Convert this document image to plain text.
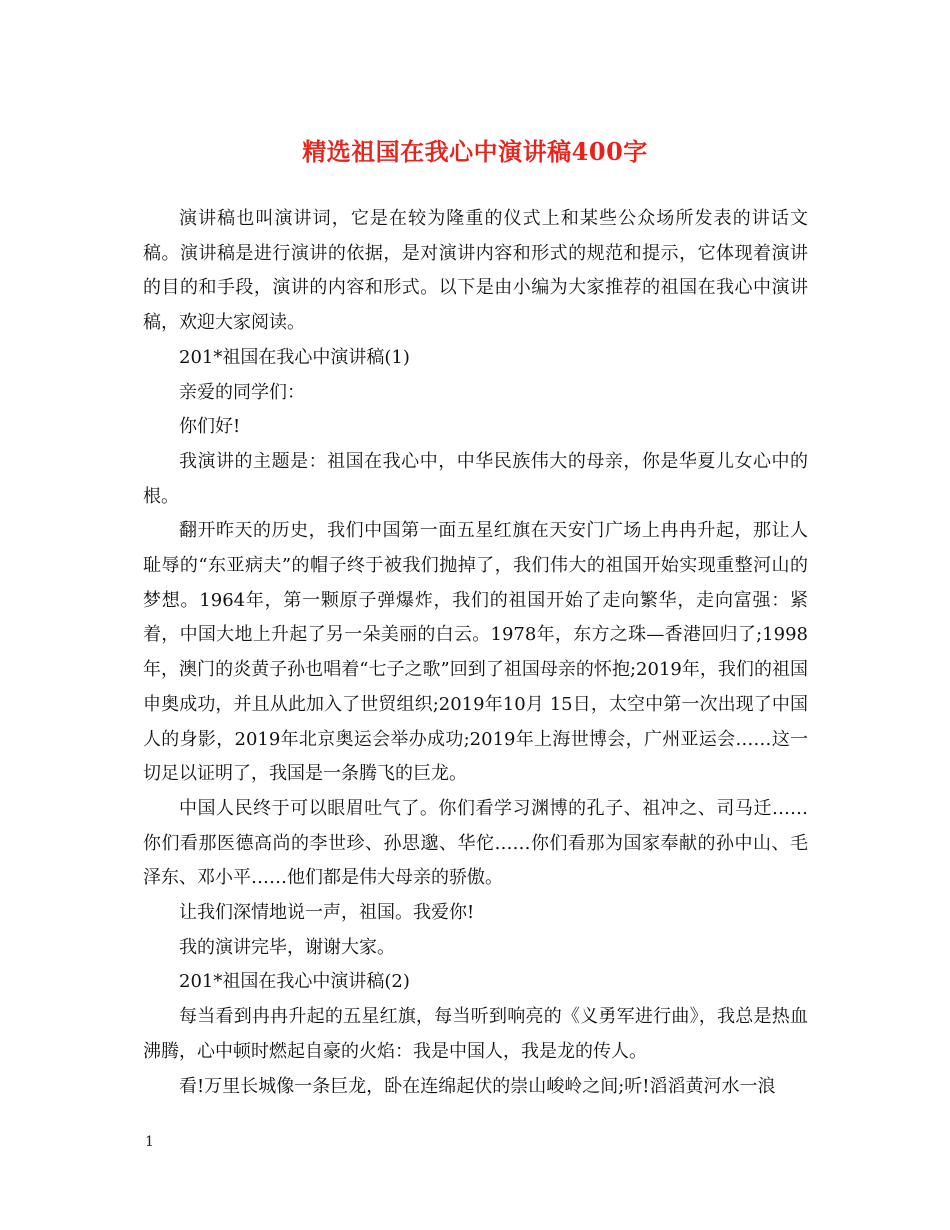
精选祖国在我心中演讲稿400字

演讲稿也叫演讲词，它是在较为隆重的仪式上和某些公众场所发表的讲话文稿。演讲稿是进行演讲的依据，是对演讲内容和形式的规范和提示，它体现着演讲的目的和手段，演讲的内容和形式。以下是由小编为大家推荐的祖国在我心中演讲稿，欢迎大家阅读。

201*祖国在我心中演讲稿(1)

亲爱的同学们：

你们好!

我演讲的主题是：祖国在我心中，中华民族伟大的母亲，你是华夏儿女心中的根。

翻开昨天的历史，我们中国第一面五星红旗在天安门广场上冉冉升起，那让人耻辱的“东亚病夫”的帽子终于被我们抛掉了，我们伟大的祖国开始实现重整河山的梦想。1964年，第一颗原子弹爆炸，我们的祖国开始了走向繁华，走向富强：紧着，中国大地上升起了另一朵美丽的白云。1978年，东方之珠—香港回归了;1998年，澳门的炎黄子孙也唱着“七子之歌”回到了祖国母亲的怀抱;2019年，我们的祖国申奥成功，并且从此加入了世贸组织;2019年10月 15日，太空中第一次出现了中国人的身影，2019年北京奥运会举办成功;2019年上海世博会，广州亚运会……这一切足以证明了，我国是一条腾飞的巨龙。

中国人民终于可以眼眉吐气了。你们看学习渊博的孔子、祖冲之、司马迁……你们看那医德高尚的李世珍、孙思邈、华佗……你们看那为国家奉献的孙中山、毛泽东、邓小平……他们都是伟大母亲的骄傲。

让我们深情地说一声，祖国。我爱你!

我的演讲完毕，谢谢大家。

201*祖国在我心中演讲稿(2)

每当看到冉冉升起的五星红旗，每当听到响亮的《义勇军进行曲》，我总是热血沸腾，心中顿时燃起自豪的火焰：我是中国人，我是龙的传人。

看!万里长城像一条巨龙，卧在连绵起伏的崇山峻岭之间;听!滔滔黄河水一浪

1
